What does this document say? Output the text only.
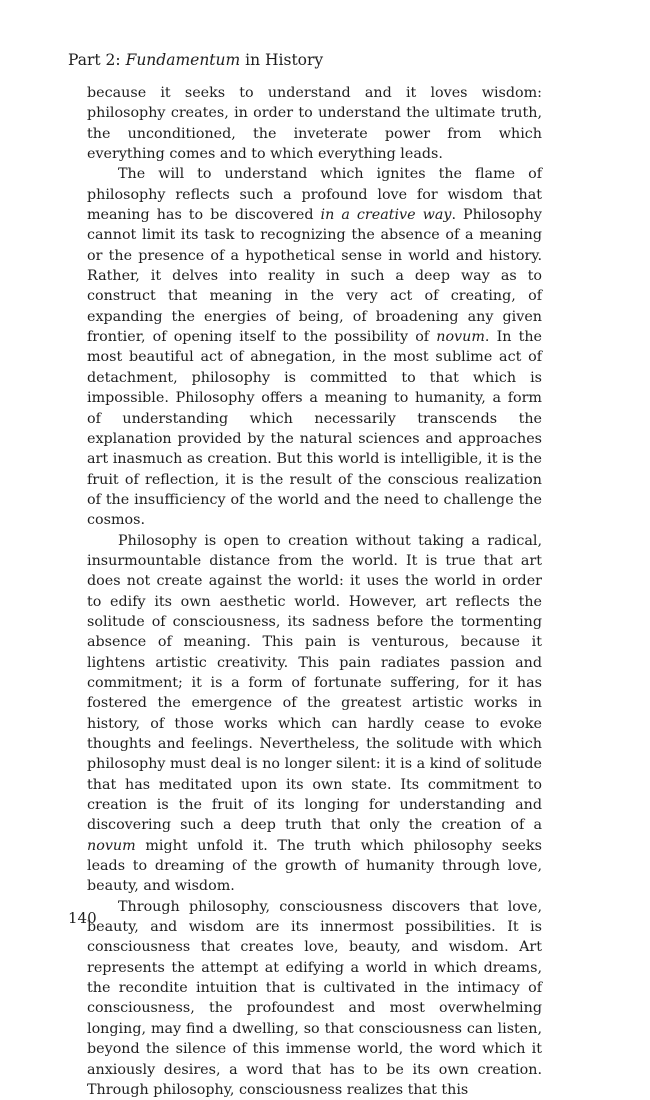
Part 2: Fundamentum in History

because it seeks to understand and it loves wisdom: philosophy creates, in order to understand the ultimate truth, the unconditioned, the inveterate power from which everything comes and to which everything leads.

The will to understand which ignites the flame of philosophy reflects such a profound love for wisdom that meaning has to be discovered in a creative way. Philosophy cannot limit its task to recognizing the absence of a meaning or the presence of a hypothetical sense in world and history. Rather, it delves into reality in such a deep way as to construct that meaning in the very act of creating, of expanding the energies of being, of broadening any given frontier, of opening itself to the possibility of novum. In the most beautiful act of abnegation, in the most sublime act of detachment, philosophy is committed to that which is impossible. Philosophy offers a meaning to humanity, a form of understanding which necessarily transcends the explanation provided by the natural sciences and approaches art inasmuch as creation. But this world is intelligible, it is the fruit of reflection, it is the result of the conscious realization of the insufficiency of the world and the need to challenge the cosmos.

Philosophy is open to creation without taking a radical, insurmountable distance from the world. It is true that art does not create against the world: it uses the world in order to edify its own aesthetic world. However, art reflects the solitude of consciousness, its sadness before the tormenting absence of meaning. This pain is venturous, because it lightens artistic creativity. This pain radiates passion and commitment; it is a form of fortunate suffering, for it has fostered the emergence of the greatest artistic works in history, of those works which can hardly cease to evoke thoughts and feelings. Nevertheless, the solitude with which philosophy must deal is no longer silent: it is a kind of solitude that has meditated upon its own state. Its commitment to creation is the fruit of its longing for understanding and discovering such a deep truth that only the creation of a novum might unfold it. The truth which philosophy seeks leads to dreaming of the growth of humanity through love, beauty, and wisdom.

Through philosophy, consciousness discovers that love, beauty, and wisdom are its innermost possibilities. It is consciousness that creates love, beauty, and wisdom. Art represents the attempt at edifying a world in which dreams, the recondite intuition that is cultivated in the intimacy of consciousness, the profoundest and most overwhelming longing, may find a dwelling, so that consciousness can listen, beyond the silence of this immense world, the word which it anxiously desires, a word that has to be its own creation. Through philosophy, consciousness realizes that this

140
